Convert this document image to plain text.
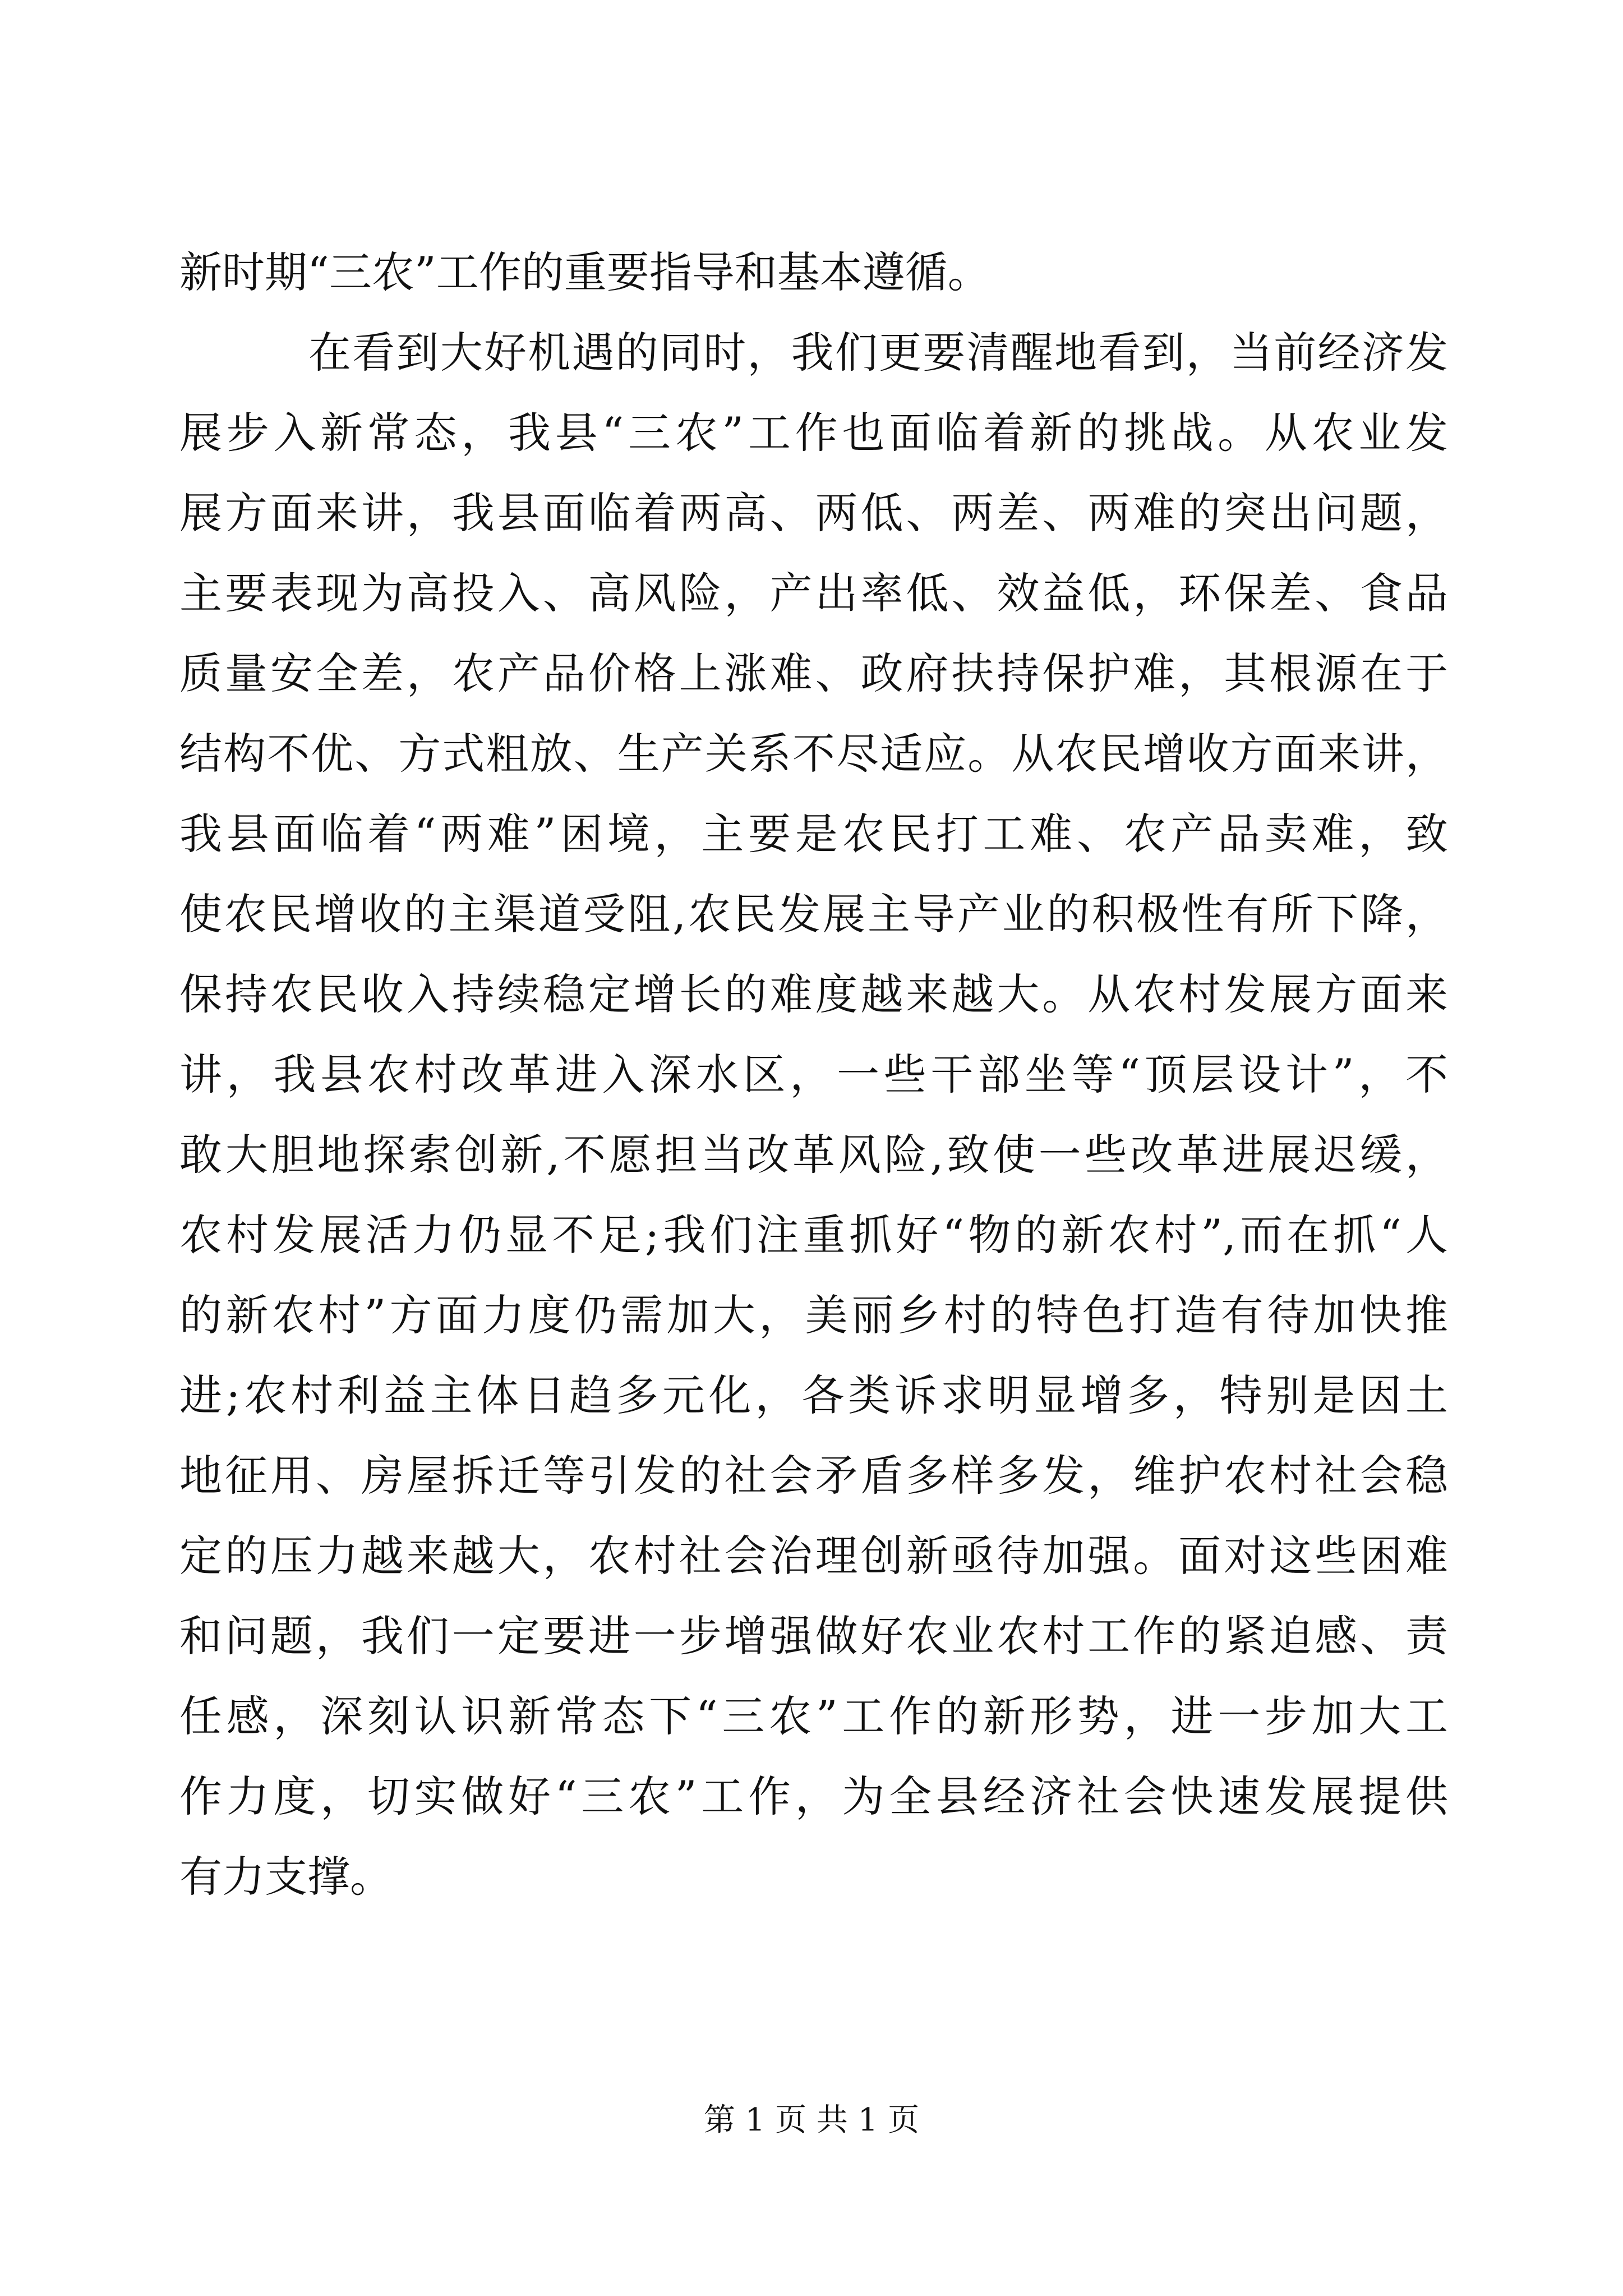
新时期“三农”工作的重要指导和基本遵循。
在看到大好机遇的同时，我们更要清醒地看到，当前经济发
展步入新常态，我县“三农”工作也面临着新的挑战。从农业发
展方面来讲，我县面临着两高、两低、两差、两难的突出问题，
主要表现为高投入、高风险，产出率低、效益低，环保差、食品
质量安全差，农产品价格上涨难、政府扶持保护难，其根源在于
结构不优、方式粗放、生产关系不尽适应。从农民增收方面来讲，
我县面临着“两难”困境，主要是农民打工难、农产品卖难，致
使农民增收的主渠道受阻,农民发展主导产业的积极性有所下降，
保持农民收入持续稳定增长的难度越来越大。从农村发展方面来
讲，我县农村改革进入深水区，一些干部坐等“顶层设计”，不
敢大胆地探索创新,不愿担当改革风险,致使一些改革进展迟缓，
农村发展活力仍显不足;我们注重抓好“物的新农村”,而在抓“人
的新农村”方面力度仍需加大，美丽乡村的特色打造有待加快推
进;农村利益主体日趋多元化，各类诉求明显增多，特别是因土
地征用、房屋拆迁等引发的社会矛盾多样多发，维护农村社会稳
定的压力越来越大，农村社会治理创新亟待加强。面对这些困难
和问题，我们一定要进一步增强做好农业农村工作的紧迫感、责
任感，深刻认识新常态下“三农”工作的新形势，进一步加大工
作力度，切实做好“三农”工作，为全县经济社会快速发展提供
有力支撑。
第 1 页 共 1 页
